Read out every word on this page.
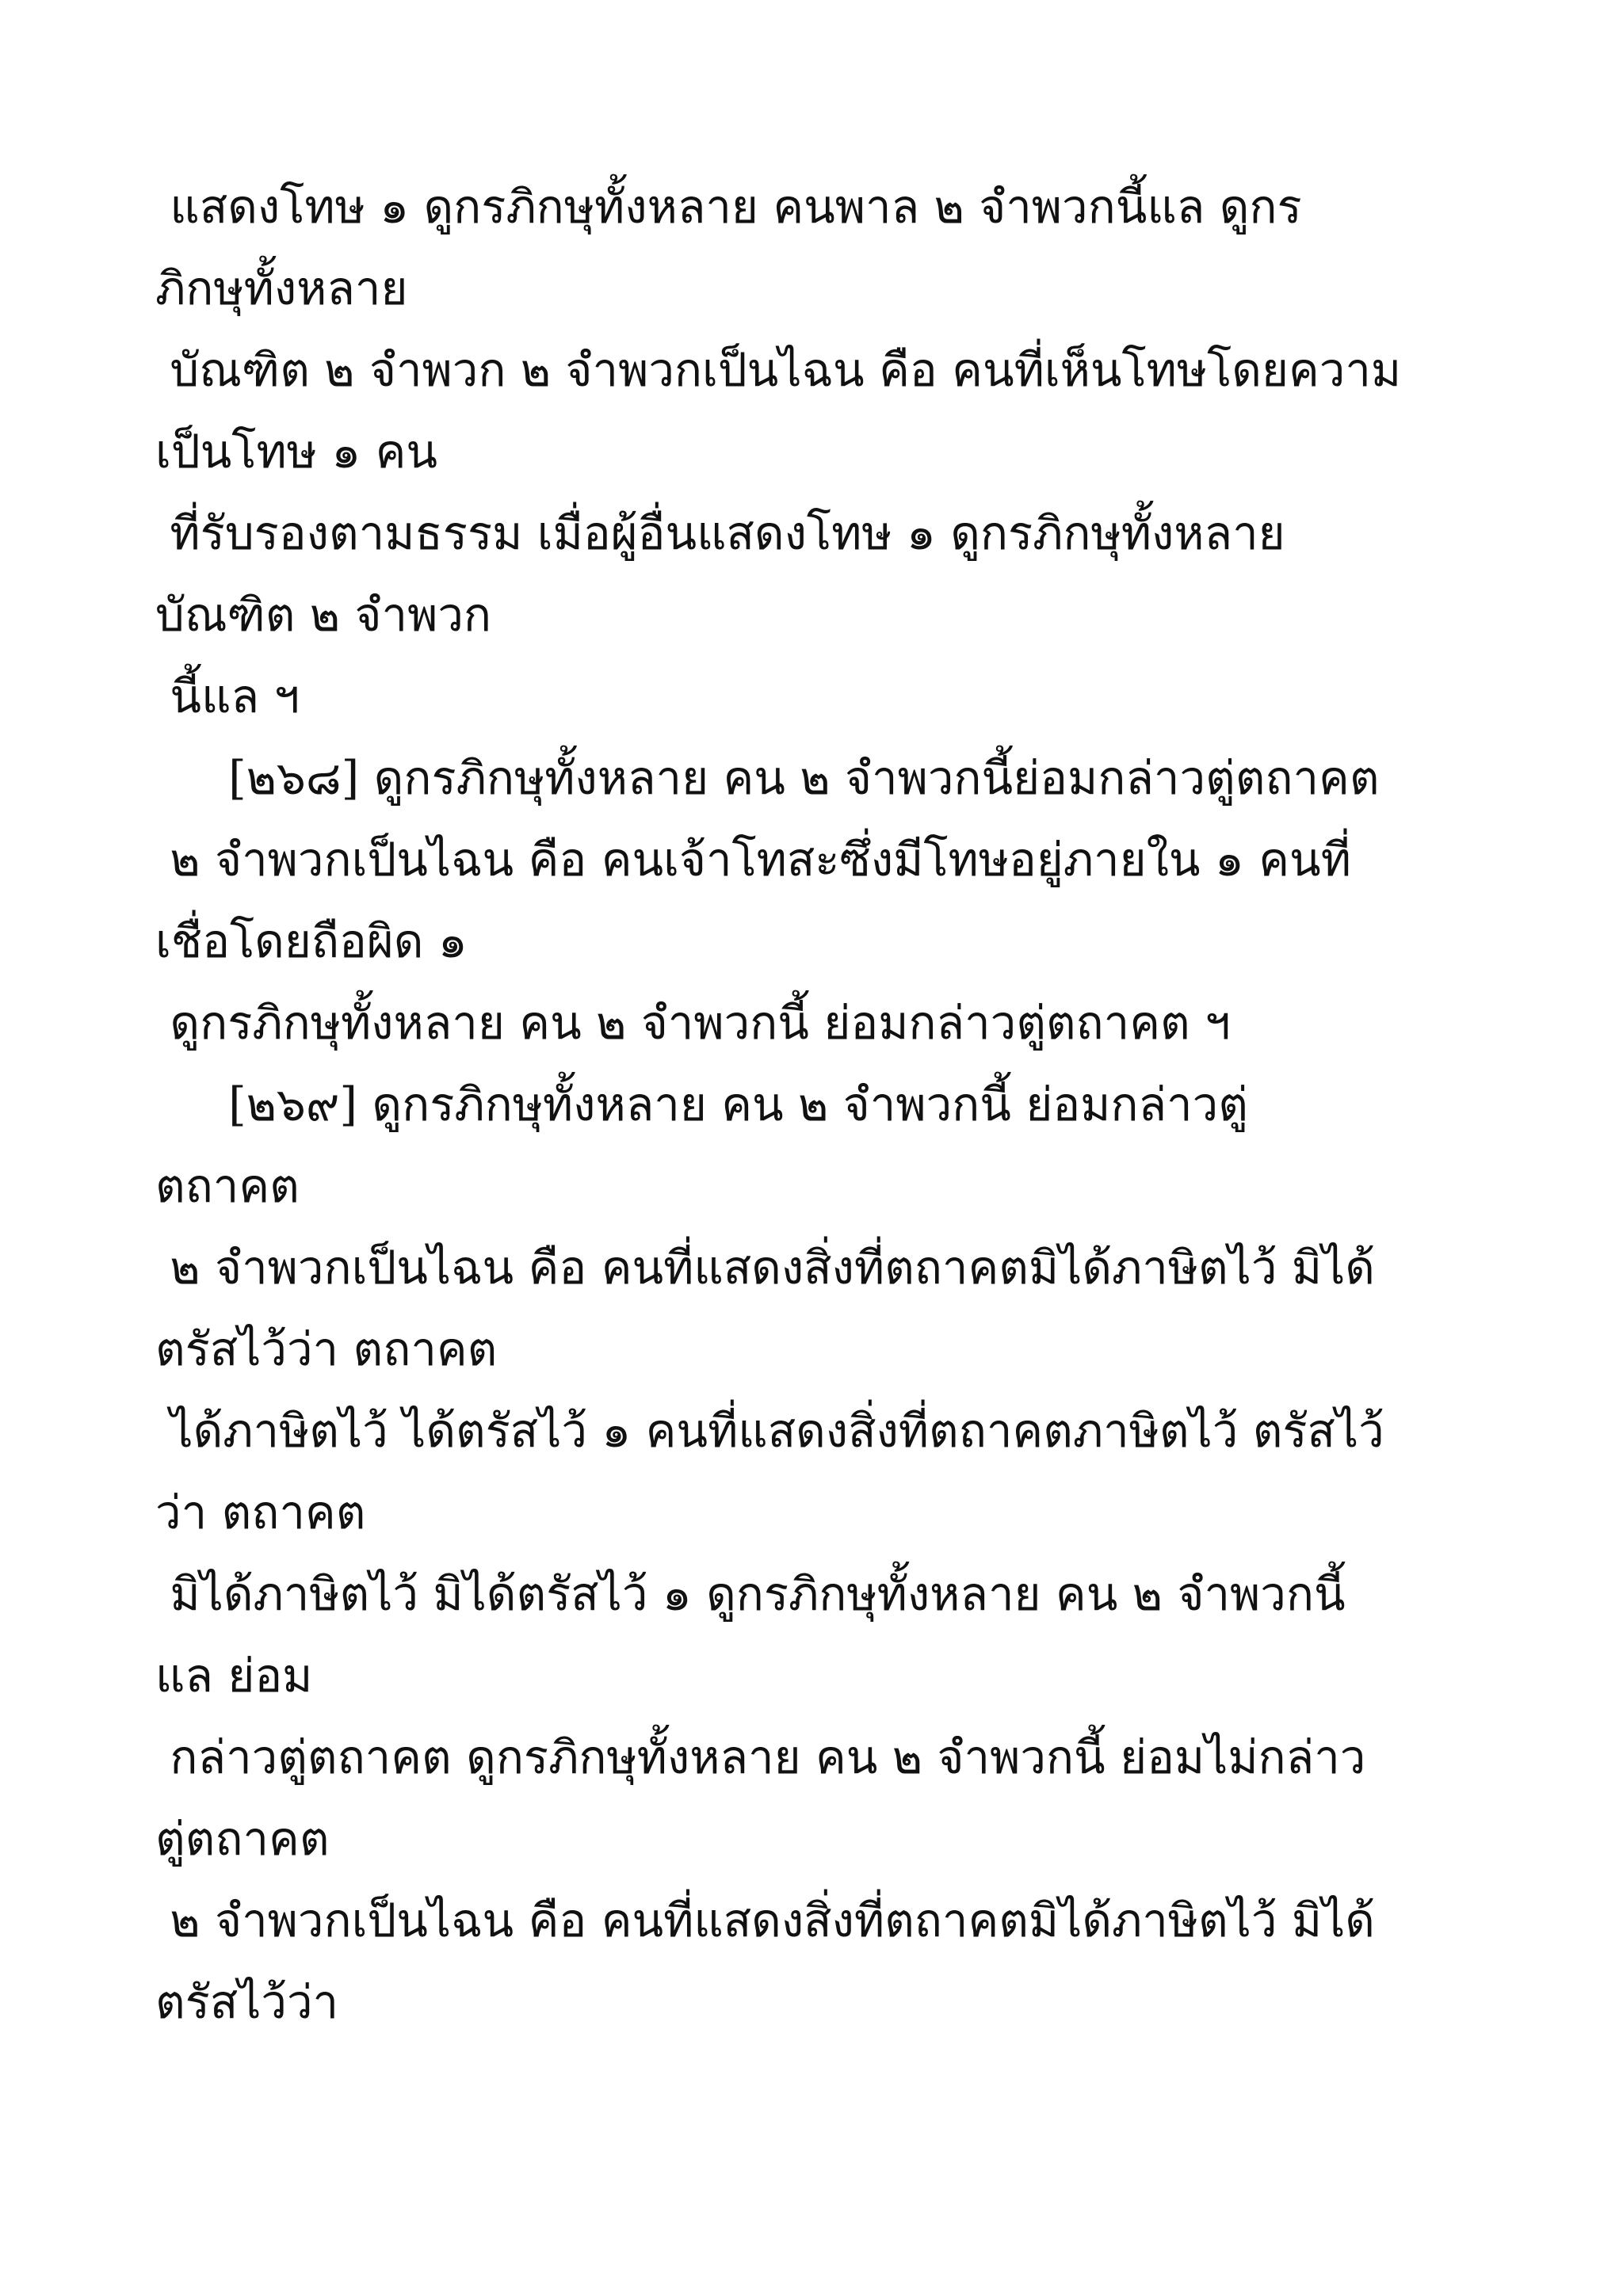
แสดงโทษ ๑ ดูกรภิกษุทั้งหลาย คนพาล ๒ จำพวกนี้แล ดูกร
ภิกษุทั้งหลาย
บัณฑิต ๒ จำพวก ๒ จำพวกเป็นไฉน คือ คนที่เห็นโทษโดยความ
เป็นโทษ ๑ คน
ที่รับรองตามธรรม เมื่อผู้อื่นแสดงโทษ ๑ ดูกรภิกษุทั้งหลาย
บัณฑิต ๒ จำพวก
นี้แล ฯ
[๒๖๘] ดูกรภิกษุทั้งหลาย คน ๒ จำพวกนี้ย่อมกล่าวตู่ตถาคต
๒ จำพวกเป็นไฉน คือ คนเจ้าโทสะซึ่งมีโทษอยู่ภายใน ๑ คนที่
เชื่อโดยถือผิด ๑
ดูกรภิกษุทั้งหลาย คน ๒ จำพวกนี้ ย่อมกล่าวตู่ตถาคต ฯ
[๒๖๙] ดูกรภิกษุทั้งหลาย คน ๒ จำพวกนี้ ย่อมกล่าวตู่
ตถาคต
๒ จำพวกเป็นไฉน คือ คนที่แสดงสิ่งที่ตถาคตมิได้ภาษิตไว้ มิได้
ตรัสไว้ว่า ตถาคต
ได้ภาษิตไว้ ได้ตรัสไว้ ๑ คนที่แสดงสิ่งที่ตถาคตภาษิตไว้ ตรัสไว้
ว่า ตถาคต
มิได้ภาษิตไว้ มิได้ตรัสไว้ ๑ ดูกรภิกษุทั้งหลาย คน ๒ จำพวกนี้
แล ย่อม
กล่าวตู่ตถาคต ดูกรภิกษุทั้งหลาย คน ๒ จำพวกนี้ ย่อมไม่กล่าว
ตู่ตถาคต
๒ จำพวกเป็นไฉน คือ คนที่แสดงสิ่งที่ตถาคตมิได้ภาษิตไว้ มิได้
ตรัสไว้ว่า
